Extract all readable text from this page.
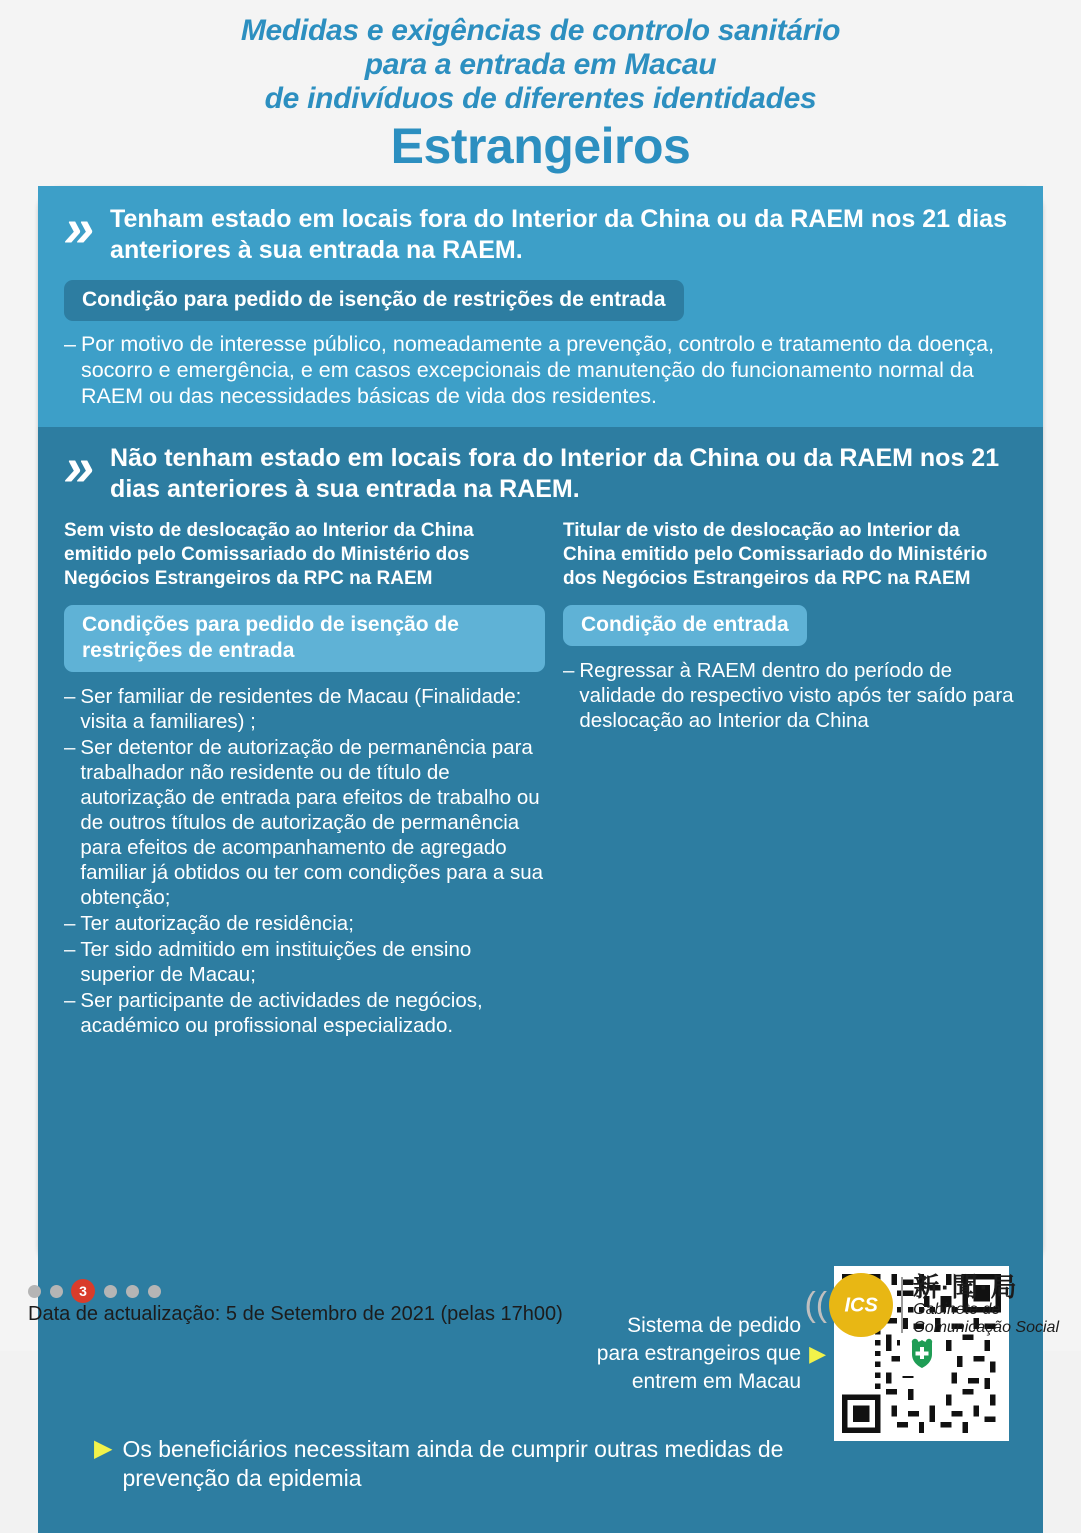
Medidas e exigências de controlo sanitário
para a entrada em Macau
de indivíduos de diferentes identidades
Estrangeiros
» Tenham estado em locais fora do Interior da China ou da RAEM nos 21 dias anteriores à sua entrada na RAEM.
Condição para pedido de isenção de restrições de entrada
– Por motivo de interesse público, nomeadamente a prevenção, controlo e tratamento da doença, socorro e emergência, e em casos excepcionais de manutenção do funcionamento normal da RAEM ou das necessidades básicas de vida dos residentes.
» Não tenham estado em locais fora do Interior da China ou da RAEM nos 21 dias anteriores à sua entrada na RAEM.
Sem visto de deslocação ao Interior da China emitido pelo Comissariado do Ministério dos Negócios Estrangeiros da RPC na RAEM
Condições para pedido de isenção de restrições de entrada
– Ser familiar de residentes de Macau (Finalidade: visita a familiares) ;
– Ser detentor de autorização de permanência para trabalhador não residente ou de título de autorização de entrada para efeitos de trabalho ou de outros títulos de autorização de permanência para efeitos de acompanhamento de agregado familiar já obtidos ou ter com condições para a sua obtenção;
– Ter autorização de residência;
– Ter sido admitido em instituições de ensino superior de Macau;
– Ser participante de actividades de negócios, académico ou profissional especializado.
Titular de visto de deslocação ao Interior da China emitido pelo Comissariado do Ministério dos Negócios Estrangeiros da RPC na RAEM
Condição de entrada
– Regressar à RAEM dentro do período de validade do respectivo visto após ter saído para deslocação ao Interior da China
Sistema de pedido para estrangeiros que entrem em Macau
▶
▶ Os beneficiários necessitam ainda de cumprir outras medidas de prevenção da epidemia
3
Data de actualização: 5 de Setembro de 2021 (pelas 17h00)	(( ICS
新·聞·局
Gabinete de
Comunicação Social
